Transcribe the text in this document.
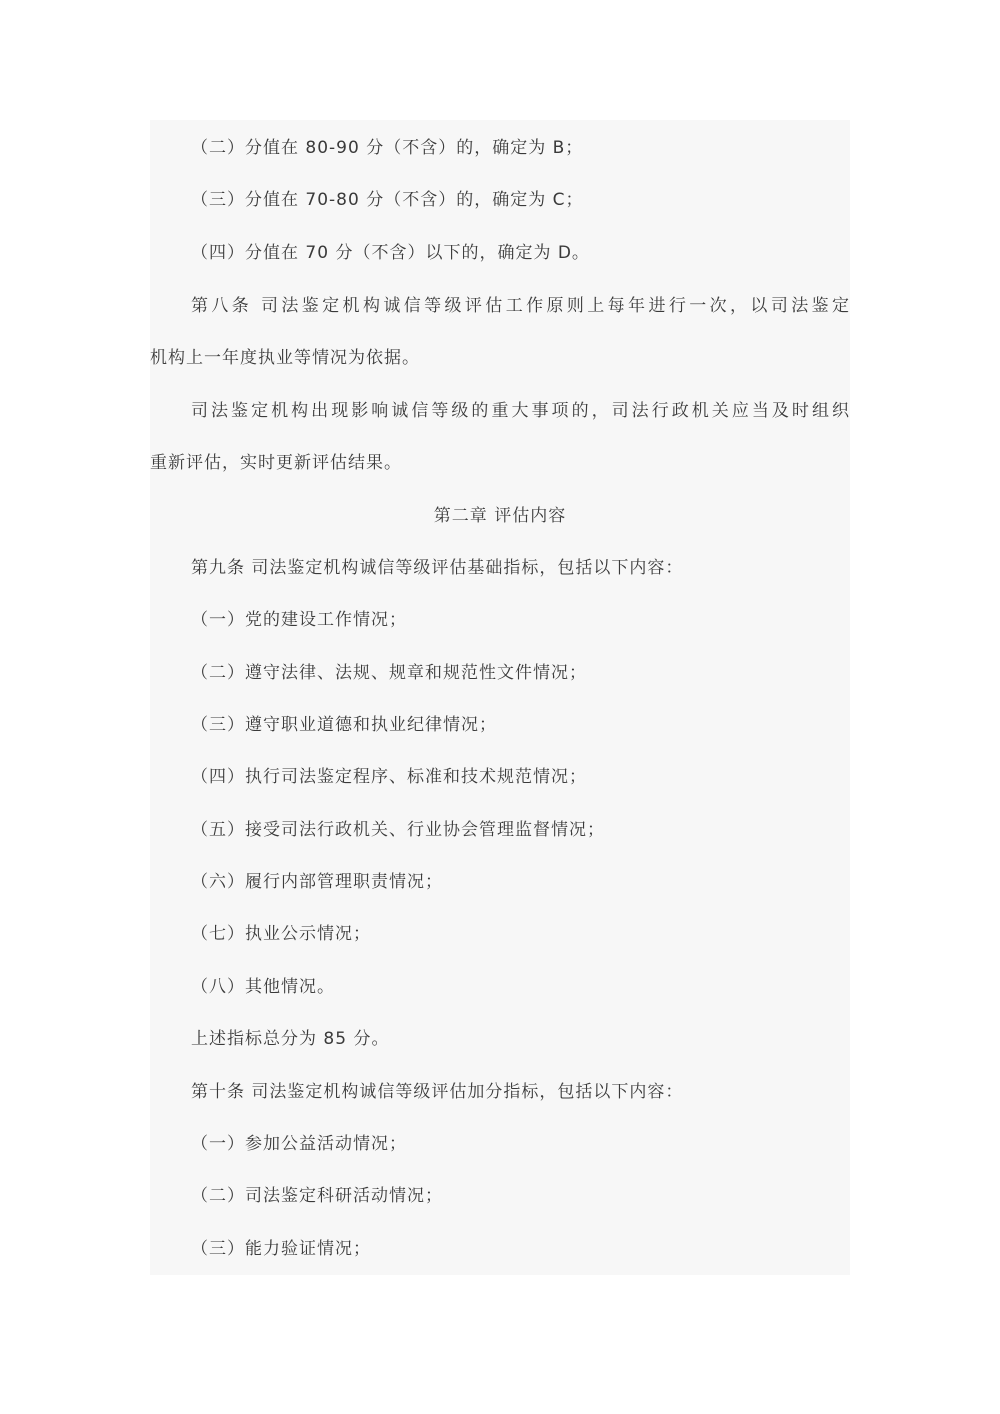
（二）分值在 80-90 分（不含）的，确定为 B；
（三）分值在 70-80 分（不含）的，确定为 C；
（四）分值在 70 分（不含）以下的，确定为 D。
第八条 司法鉴定机构诚信等级评估工作原则上每年进行一次，以司法鉴定
机构上一年度执业等情况为依据。
司法鉴定机构出现影响诚信等级的重大事项的，司法行政机关应当及时组织
重新评估，实时更新评估结果。
第二章 评估内容
第九条 司法鉴定机构诚信等级评估基础指标，包括以下内容：
（一）党的建设工作情况；
（二）遵守法律、法规、规章和规范性文件情况；
（三）遵守职业道德和执业纪律情况；
（四）执行司法鉴定程序、标准和技术规范情况；
（五）接受司法行政机关、行业协会管理监督情况；
（六）履行内部管理职责情况；
（七）执业公示情况；
（八）其他情况。
上述指标总分为 85 分。
第十条 司法鉴定机构诚信等级评估加分指标，包括以下内容：
（一）参加公益活动情况；
（二）司法鉴定科研活动情况；
（三）能力验证情况；
